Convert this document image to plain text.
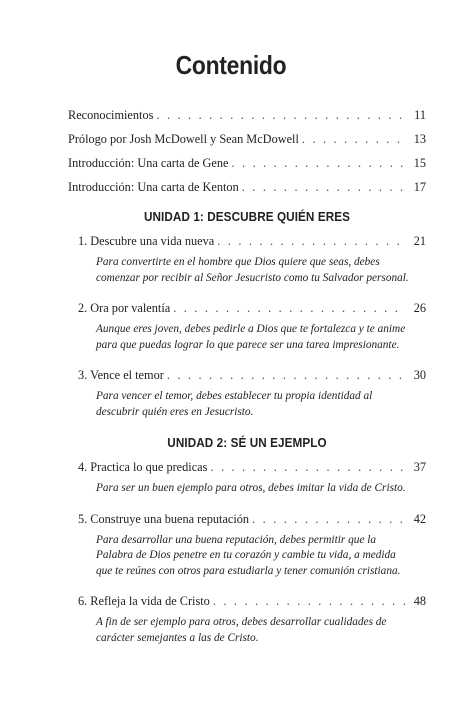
Contenido
Reconocimientos . . .	11
Prólogo por Josh McDowell y Sean McDowell . . .	13
Introducción: Una carta de Gene . . .	15
Introducción: Una carta de Kenton . . .	17
UNIDAD 1: DESCUBRE QUIÉN ERES
1. Descubre una vida nueva . . .	21
Para convertirte en el hombre que Dios quiere que seas, debes
comenzar por recibir al Señor Jesucristo como tu Salvador personal.
2. Ora por valentía . . .	26
Aunque eres joven, debes pedirle a Dios que te fortalezca y te anime
para que puedas lograr lo que parece ser una tarea impresionante.
3. Vence el temor . . .	30
Para vencer el temor, debes establecer tu propia identidad al
descubrir quién eres en Jesucristo.
UNIDAD 2: SÉ UN EJEMPLO
4. Practica lo que predicas . . .	37
Para ser un buen ejemplo para otros, debes imitar la vida de Cristo.
5. Construye una buena reputación . . .	42
Para desarrollar una buena reputación, debes permitir que la
Palabra de Dios penetre en tu corazón y cambie tu vida, a medida
que te reúnes con otros para estudiarla y tener comunión cristiana.
6. Refleja la vida de Cristo . . .	48
A fin de ser ejemplo para otros, debes desarrollar cualidades de
carácter semejantes a las de Cristo.
